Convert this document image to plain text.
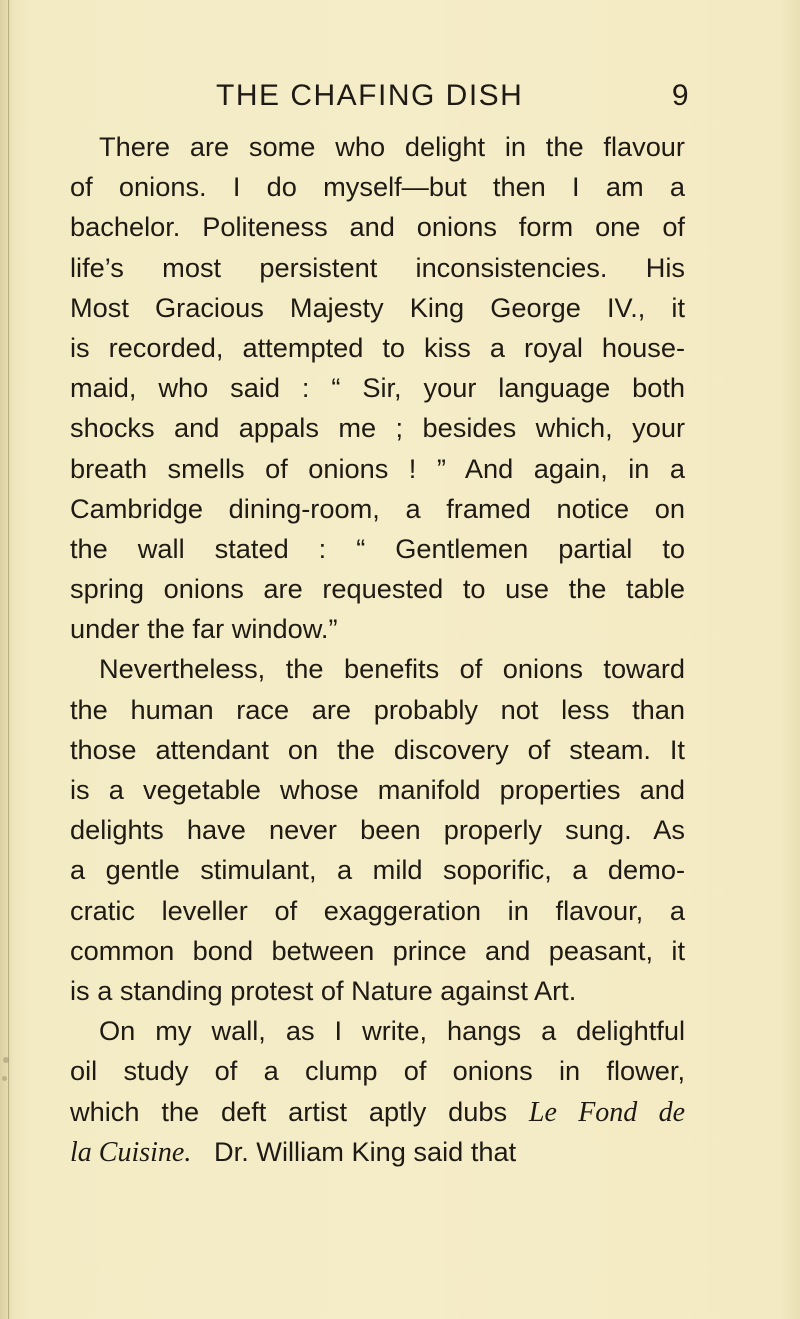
THE CHAFING DISH	9
There are some who delight in the flavour
of onions. I do myself—but then I am a
bachelor. Politeness and onions form one of
life’s most persistent inconsistencies. His
Most Gracious Majesty King George IV., it
is recorded, attempted to kiss a royal house-
maid, who said : “ Sir, your language both
shocks and appals me ; besides which, your
breath smells of onions ! ” And again, in a
Cambridge dining-room, a framed notice on
the wall stated : “ Gentlemen partial to
spring onions are requested to use the table
under the far window.”
Nevertheless, the benefits of onions toward
the human race are probably not less than
those attendant on the discovery of steam. It
is a vegetable whose manifold properties and
delights have never been properly sung. As
a gentle stimulant, a mild soporific, a demo-
cratic leveller of exaggeration in flavour, a
common bond between prince and peasant, it
is a standing protest of Nature against Art.
On my wall, as I write, hangs a delightful
oil study of a clump of onions in flower,
which the deft artist aptly dubs Le Fond de
la Cuisine. Dr. William King said that
